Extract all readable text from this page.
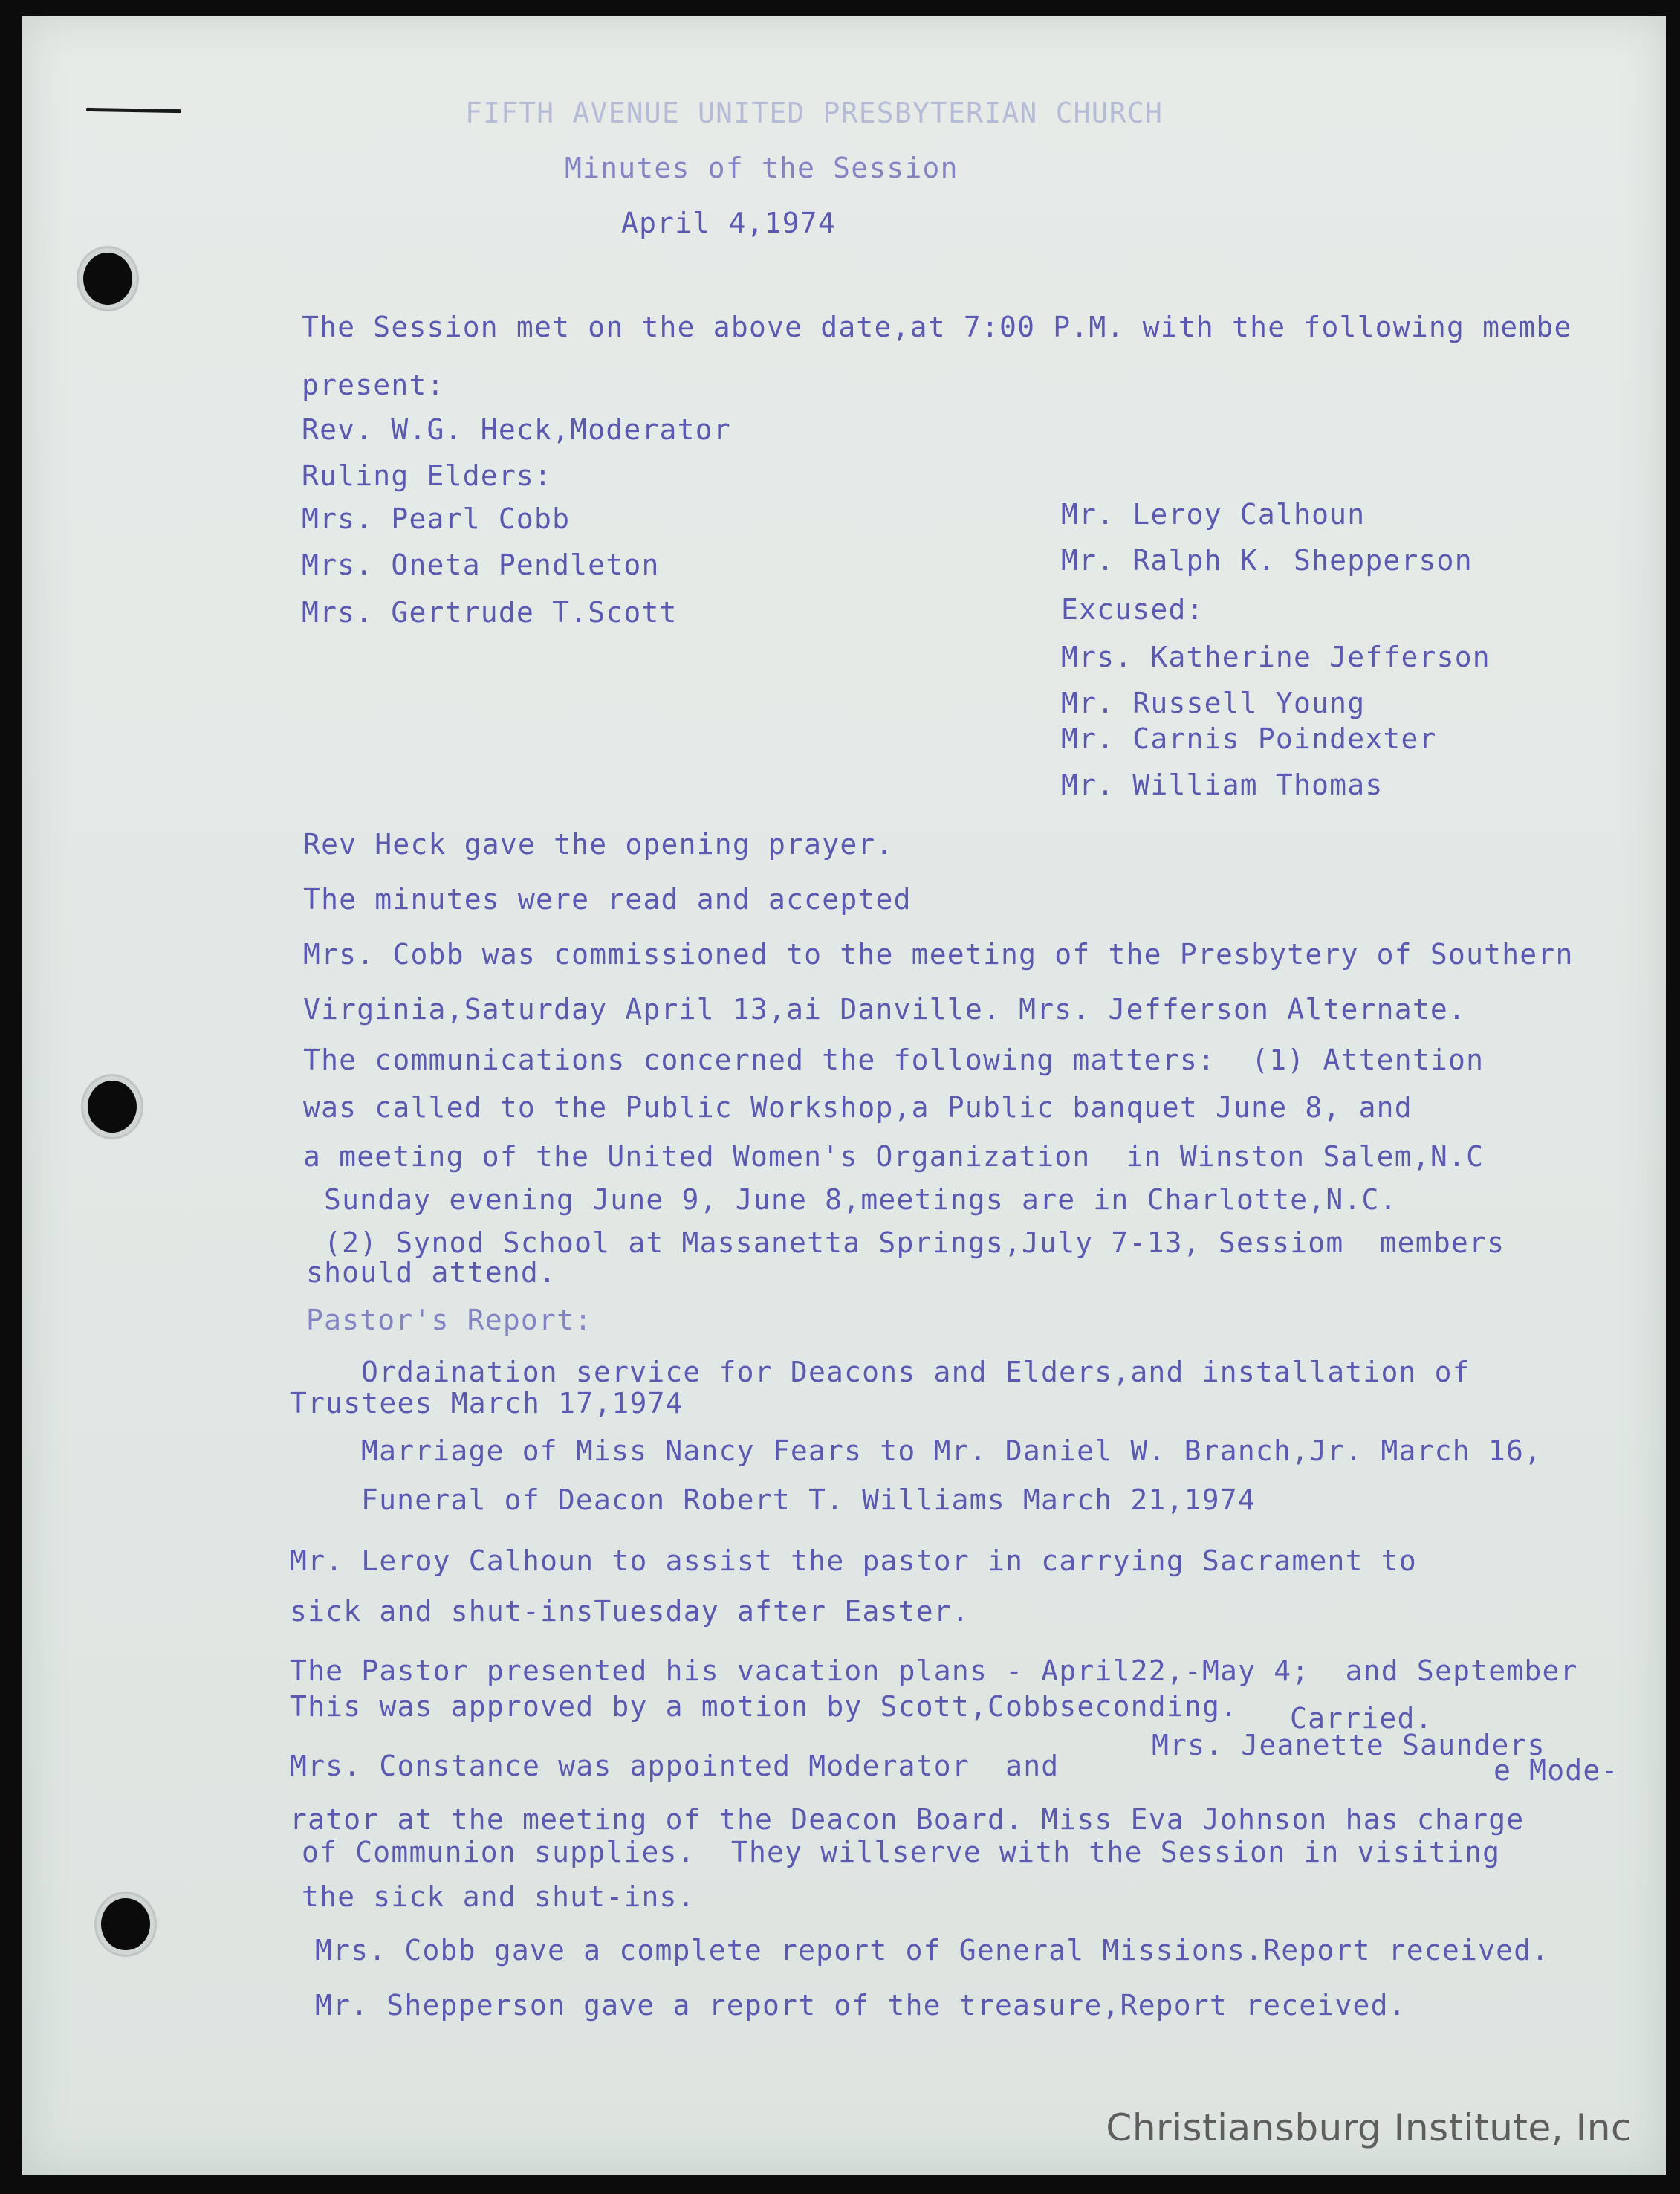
FIFTH AVENUE UNITED PRESBYTERIAN CHURCH
Minutes of the Session
April 4,1974
The Session met on the above date,at 7:00 P.M. with the following membe
present:
Rev. W.G. Heck,Moderator
Ruling Elders:
Mrs. Pearl Cobb
Mrs. Oneta Pendleton
Mrs. Gertrude T.Scott
Mr. Leroy Calhoun
Mr. Ralph K. Shepperson
Excused:
Mrs. Katherine Jefferson
Mr. Russell Young
Mr. Carnis Poindexter
Mr. William Thomas
Rev Heck gave the opening prayer.
The minutes were read and accepted
Mrs. Cobb was commissioned to the meeting of the Presbytery of Southern
Virginia,Saturday April 13,ai Danville. Mrs. Jefferson Alternate.
The communications concerned the following matters:  (1) Attention
was called to the Public Workshop,a Public banquet June 8, and
a meeting of the United Women's Organization  in Winston Salem,N.C
Sunday evening June 9, June 8,meetings are in Charlotte,N.C.
(2) Synod School at Massanetta Springs,July 7-13, Sessiom  members
should attend.
Pastor's Report:
Ordaination service for Deacons and Elders,and installation of
Trustees March 17,1974
Marriage of Miss Nancy Fears to Mr. Daniel W. Branch,Jr. March 16,
Funeral of Deacon Robert T. Williams March 21,1974
Mr. Leroy Calhoun to assist the pastor in carrying Sacrament to
sick and shut-insTuesday after Easter.
The Pastor presented his vacation plans - April22,-May 4;  and September
This was approved by a motion by Scott,Cobbseconding. Carried.
Mrs. Jeanette Saunders
Mrs. Constance was appointed Moderator  and	e Mode-
rator at the meeting of the Deacon Board. Miss Eva Johnson has charge
of Communion supplies.  They willserve with the Session in visiting
the sick and shut-ins.
Mrs. Cobb gave a complete report of General Missions.Report received.
Mr. Shepperson gave a report of the treasure,Report received.
Christiansburg Institute, Inc
